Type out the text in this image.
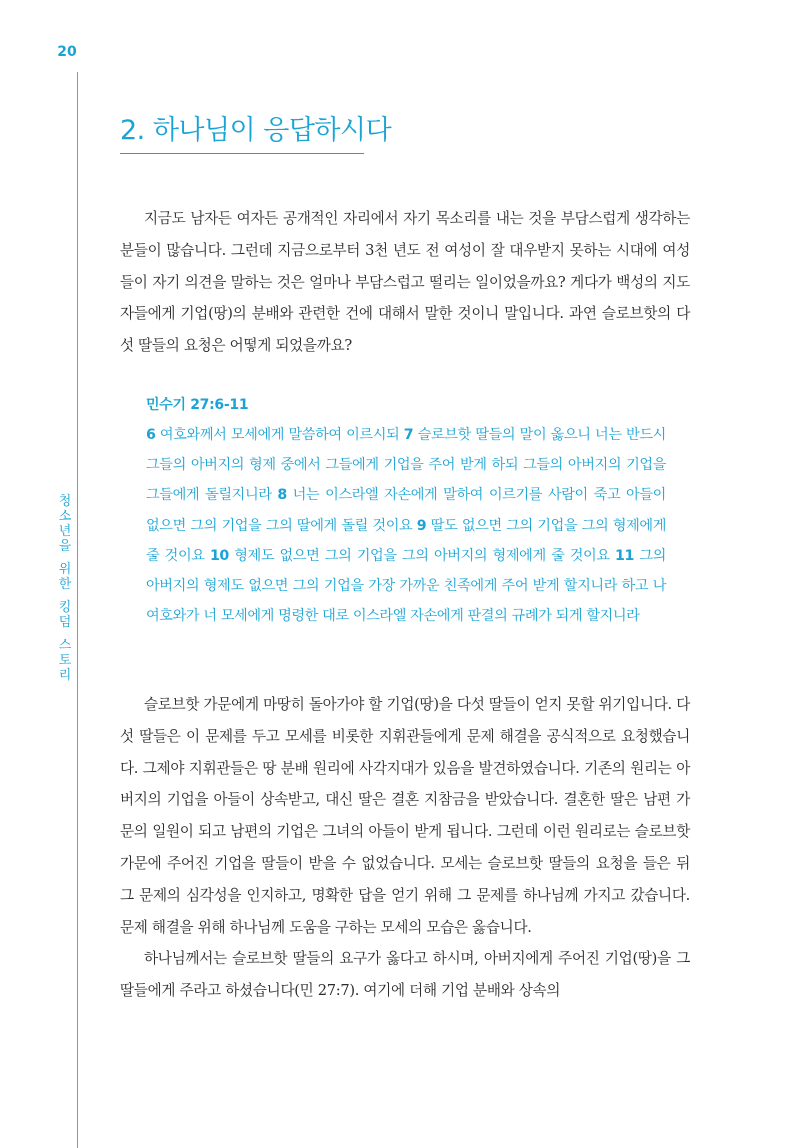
20
청
소
년
을
위
한
킹
덤
스
토
리
2. 하나님이 응답하시다

지금도 남자든 여자든 공개적인 자리에서 자기 목소리를 내는 것을 부담스럽게 생각하는 분들이 많습니다. 그런데 지금으로부터 3천 년도 전 여성이 잘 대우받지 못하는 시대에 여성들이 자기 의견을 말하는 것은 얼마나 부담스럽고 떨리는 일이었을까요? 게다가 백성의 지도자들에게 기업(땅)의 분배와 관련한 건에 대해서 말한 것이니 말입니다. 과연 슬로브핫의 다섯 딸들의 요청은 어떻게 되었을까요?

민수기 27:6-11

6 여호와께서 모세에게 말씀하여 이르시되 7 슬로브핫 딸들의 말이 옳으니 너는 반드시 그들의 아버지의 형제 중에서 그들에게 기업을 주어 받게 하되 그들의 아버지의 기업을 그들에게 돌릴지니라 8 너는 이스라엘 자손에게 말하여 이르기를 사람이 죽고 아들이 없으면 그의 기업을 그의 딸에게 돌릴 것이요 9 딸도 없으면 그의 기업을 그의 형제에게 줄 것이요 10 형제도 없으면 그의 기업을 그의 아버지의 형제에게 줄 것이요 11 그의 아버지의 형제도 없으면 그의 기업을 가장 가까운 친족에게 주어 받게 할지니라 하고 나 여호와가 너 모세에게 명령한 대로 이스라엘 자손에게 판결의 규례가 되게 할지니라

슬로브핫 가문에게 마땅히 돌아가야 할 기업(땅)을 다섯 딸들이 얻지 못할 위기입니다. 다섯 딸들은 이 문제를 두고 모세를 비롯한 지휘관들에게 문제 해결을 공식적으로 요청했습니다. 그제야 지휘관들은 땅 분배 원리에 사각지대가 있음을 발견하였습니다. 기존의 원리는 아버지의 기업을 아들이 상속받고, 대신 딸은 결혼 지참금을 받았습니다. 결혼한 딸은 남편 가문의 일원이 되고 남편의 기업은 그녀의 아들이 받게 됩니다. 그런데 이런 원리로는 슬로브핫 가문에 주어진 기업을 딸들이 받을 수 없었습니다. 모세는 슬로브핫 딸들의 요청을 들은 뒤 그 문제의 심각성을 인지하고, 명확한 답을 얻기 위해 그 문제를 하나님께 가지고 갔습니다. 문제 해결을 위해 하나님께 도움을 구하는 모세의 모습은 옳습니다.
하나님께서는 슬로브핫 딸들의 요구가 옳다고 하시며, 아버지에게 주어진 기업(땅)을 그 딸들에게 주라고 하셨습니다(민 27:7). 여기에 더해 기업 분배와 상속의
